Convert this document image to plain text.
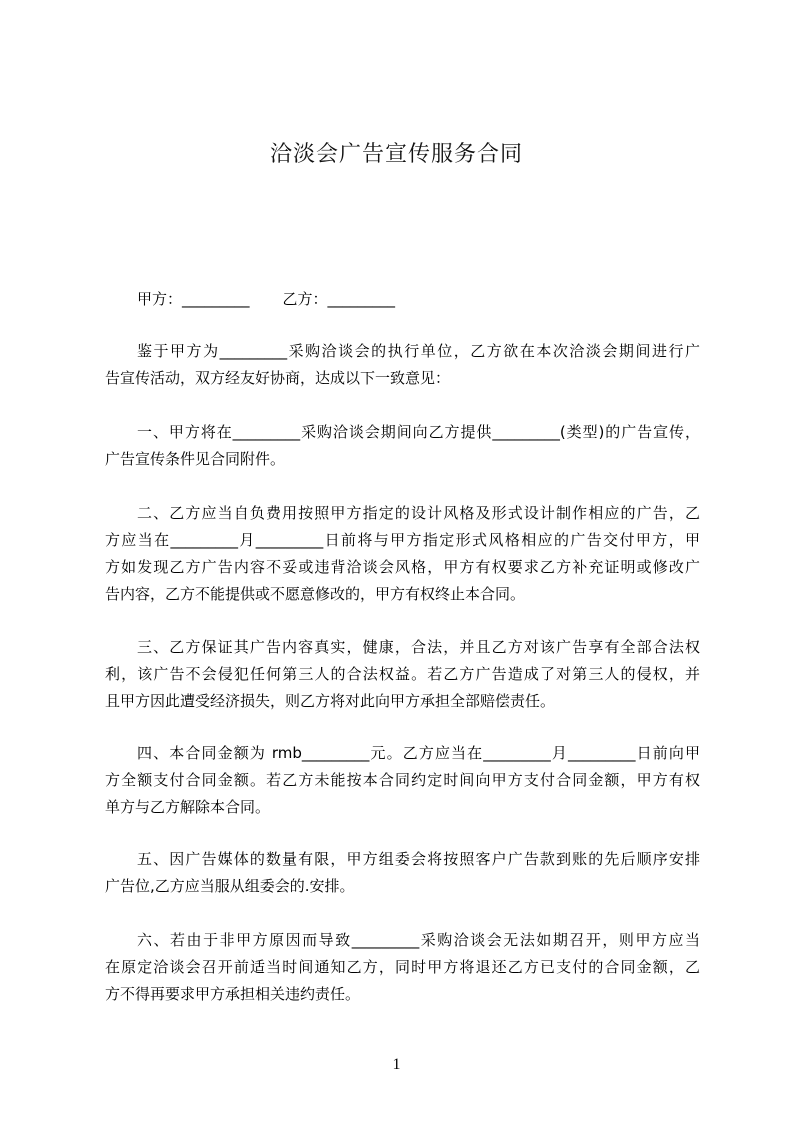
洽淡会广告宣传服务合同
甲方：_________ 乙方：_________
鉴于甲方为_________采购洽谈会的执行单位，乙方欲在本次洽淡会期间进行广
告宣传活动，双方经友好协商，达成以下一致意见：
一、甲方将在_________采购洽谈会期间向乙方提供_________(类型)的广告宣传，
广告宣传条件见合同附件。
二、乙方应当自负费用按照甲方指定的设计风格及形式设计制作相应的广告，乙
方应当在_________月_________日前将与甲方指定形式风格相应的广告交付甲方，甲
方如发现乙方广告内容不妥或违背洽谈会风格，甲方有权要求乙方补充证明或修改广
告内容，乙方不能提供或不愿意修改的，甲方有权终止本合同。
三、乙方保证其广告内容真实，健康，合法，并且乙方对该广告享有全部合法权
利，该广告不会侵犯任何第三人的合法权益。若乙方广告造成了对第三人的侵权，并
且甲方因此遭受经济损失，则乙方将对此向甲方承担全部赔偿责任。
四、本合同金额为 rmb_________元。乙方应当在_________月_________日前向甲
方全额支付合同金额。若乙方未能按本合同约定时间向甲方支付合同金额，甲方有权
单方与乙方解除本合同。
五、因广告媒体的数量有限，甲方组委会将按照客户广告款到账的先后顺序安排
广告位,乙方应当服从组委会的.安排。
六、若由于非甲方原因而导致_________采购洽谈会无法如期召开，则甲方应当
在原定洽谈会召开前适当时间通知乙方，同时甲方将退还乙方已支付的合同金额，乙
方不得再要求甲方承担相关违约责任。
1
